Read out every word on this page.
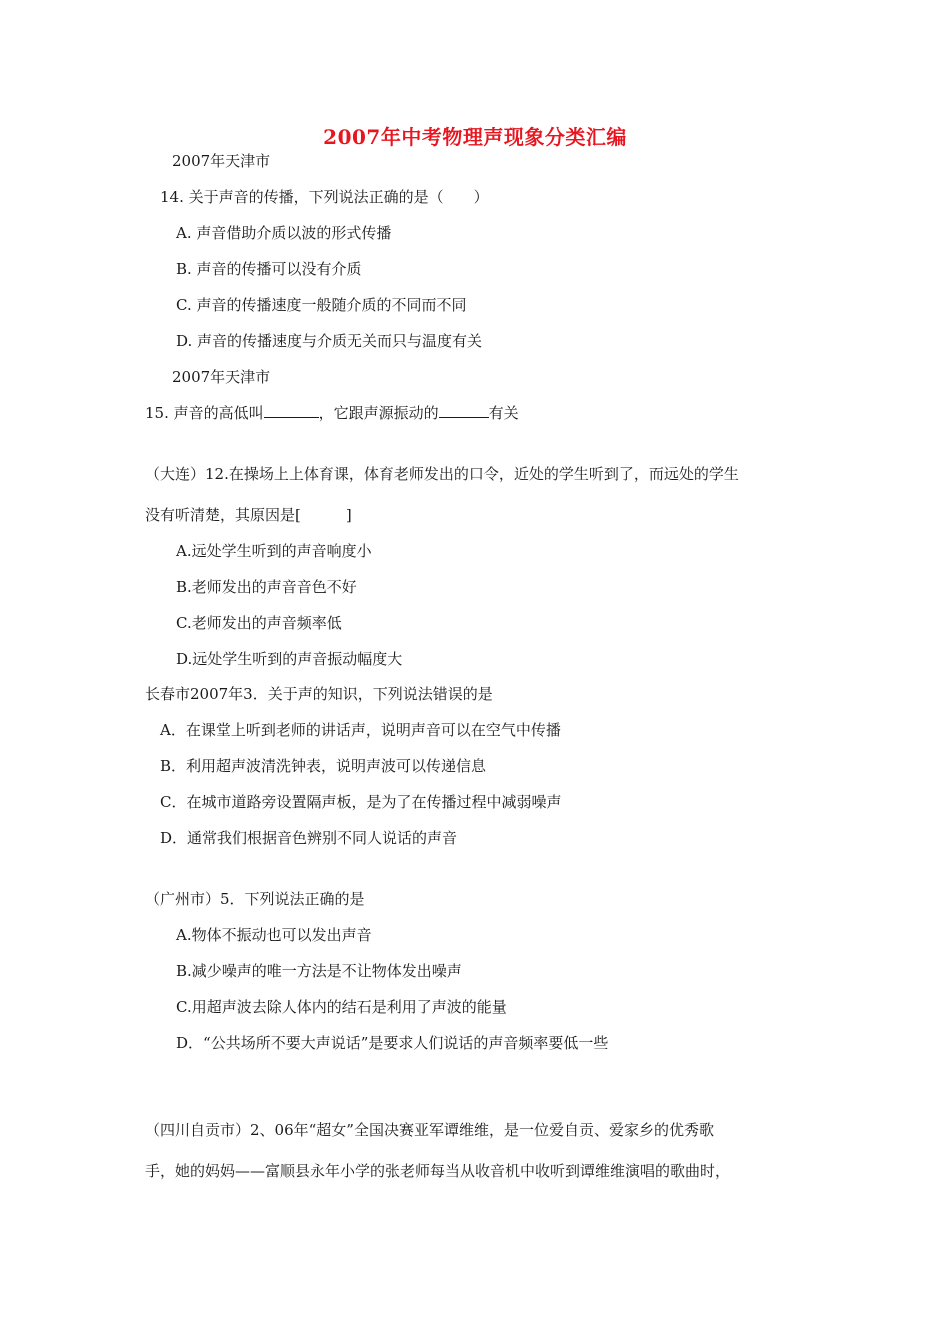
2007年中考物理声现象分类汇编
2007年天津市
14. 关于声音的传播，下列说法正确的是（　　）
A. 声音借助介质以波的形式传播
B. 声音的传播可以没有介质
C. 声音的传播速度一般随介质的不同而不同
D. 声音的传播速度与介质无关而只与温度有关
2007年天津市
15. 声音的高低叫	，它跟声源振动的	有关
（大连）12.在操场上上体育课，体育老师发出的口令，近处的学生听到了，而远处的学生
没有听清楚，其原因是[　　　]
A.远处学生听到的声音响度小
B.老师发出的声音音色不好
C.老师发出的声音频率低
D.远处学生听到的声音振动幅度大
长春市2007年3．关于声的知识，下列说法错误的是
A．在课堂上听到老师的讲话声，说明声音可以在空气中传播
B．利用超声波清洗钟表，说明声波可以传递信息
C．在城市道路旁设置隔声板，是为了在传播过程中减弱噪声
D．通常我们根据音色辨别不同人说话的声音
（广州市）5．下列说法正确的是
A.物体不振动也可以发出声音
B.减少噪声的唯一方法是不让物体发出噪声
C.用超声波去除人体内的结石是利用了声波的能量
D．“公共场所不要大声说话”是要求人们说话的声音频率要低一些
（四川自贡市）2、06年“超女”全国决赛亚军谭维维，是一位爱自贡、爱家乡的优秀歌
手，她的妈妈——富顺县永年小学的张老师每当从收音机中收听到谭维维演唱的歌曲时，
